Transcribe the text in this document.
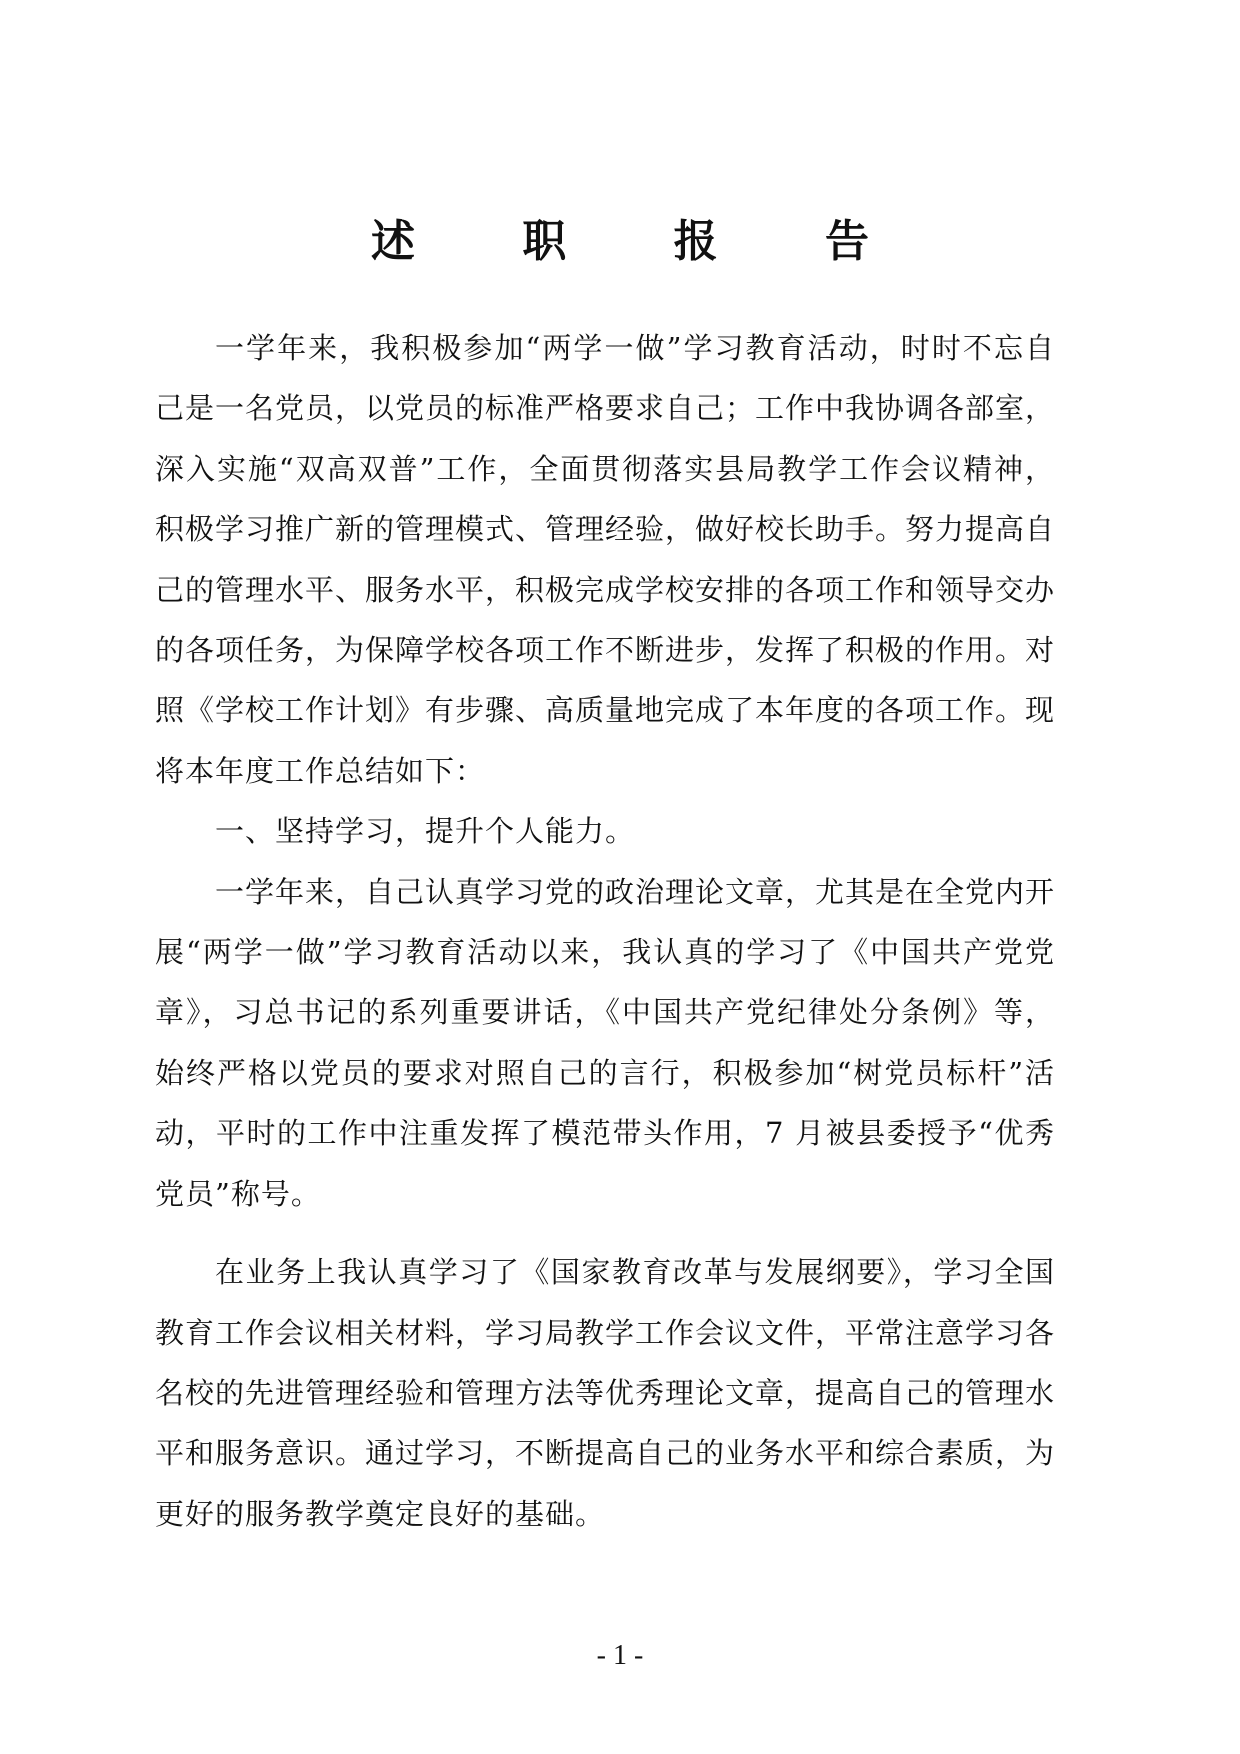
述 职 报 告

一学年来，我积极参加“两学一做”学习教育活动，时时不忘自己是一名党员，以党员的标准严格要求自己；工作中我协调各部室，深入实施“双高双普”工作，全面贯彻落实县局教学工作会议精神，积极学习推广新的管理模式、管理经验，做好校长助手。努力提高自己的管理水平、服务水平，积极完成学校安排的各项工作和领导交办的各项任务，为保障学校各项工作不断进步，发挥了积极的作用。对照《学校工作计划》有步骤、高质量地完成了本年度的各项工作。现将本年度工作总结如下：

一、坚持学习，提升个人能力。

一学年来，自己认真学习党的政治理论文章，尤其是在全党内开展“两学一做”学习教育活动以来，我认真的学习了《中国共产党党章》，习总书记的系列重要讲话，《中国共产党纪律处分条例》等，始终严格以党员的要求对照自己的言行，积极参加“树党员标杆”活动，平时的工作中注重发挥了模范带头作用，7 月被县委授予“优秀党员”称号。

在业务上我认真学习了《国家教育改革与发展纲要》，学习全国教育工作会议相关材料，学习局教学工作会议文件，平常注意学习各名校的先进管理经验和管理方法等优秀理论文章，提高自己的管理水平和服务意识。通过学习，不断提高自己的业务水平和综合素质，为更好的服务教学奠定良好的基础。

- 1 -
